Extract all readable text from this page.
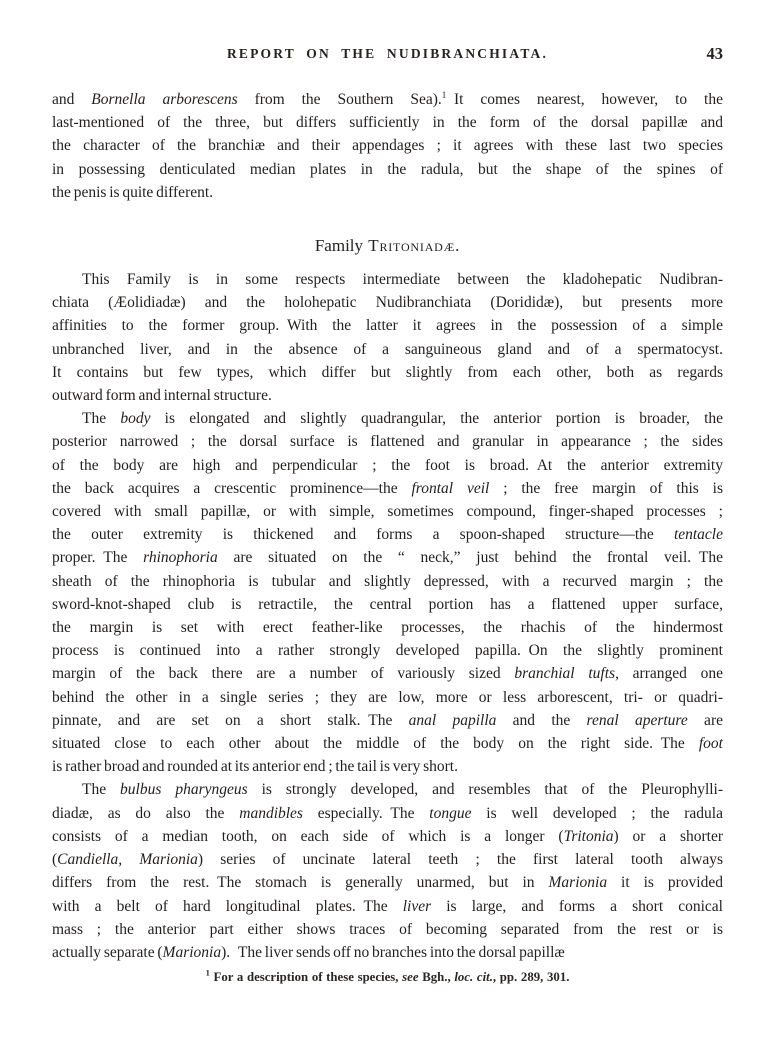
REPORT ON THE NUDIBRANCHIATA.	43
and Bornella arborescens from the Southern Sea).$^1$ It comes nearest, however, to the
last-mentioned of the three, but differs sufficiently in the form of the dorsal papillæ and
the character of the branchiæ and their appendages ; it agrees with these last two species
in possessing denticulated median plates in the radula, but the shape of the spines of
the penis is quite different.
Family Tritoniadæ.
This Family is in some respects intermediate between the kladohepatic Nudibran-
chiata (Æolidiadæ) and the holohepatic Nudibranchiata (Dorididæ), but presents more
affinities to the former group. With the latter it agrees in the possession of a simple
unbranched liver, and in the absence of a sanguineous gland and of a spermatocyst.
It contains but few types, which differ but slightly from each other, both as regards
outward form and internal structure.
The body is elongated and slightly quadrangular, the anterior portion is broader, the
posterior narrowed ; the dorsal surface is flattened and granular in appearance ; the sides
of the body are high and perpendicular ; the foot is broad. At the anterior extremity
the back acquires a crescentic prominence—the frontal veil ; the free margin of this is
covered with small papillæ, or with simple, sometimes compound, finger-shaped processes ;
the outer extremity is thickened and forms a spoon-shaped structure—the tentacle
proper. The rhinophoria are situated on the “ neck,” just behind the frontal veil. The
sheath of the rhinophoria is tubular and slightly depressed, with a recurved margin ; the
sword-knot-shaped club is retractile, the central portion has a flattened upper surface,
the margin is set with erect feather-like processes, the rhachis of the hindermost
process is continued into a rather strongly developed papilla. On the slightly prominent
margin of the back there are a number of variously sized branchial tufts, arranged one
behind the other in a single series ; they are low, more or less arborescent, tri- or quadri-
pinnate, and are set on a short stalk. The anal papilla and the renal aperture are
situated close to each other about the middle of the body on the right side. The foot
is rather broad and rounded at its anterior end ; the tail is very short.
The bulbus pharyngeus is strongly developed, and resembles that of the Pleurophylli-
diadæ, as do also the mandibles especially. The tongue is well developed ; the radula
consists of a median tooth, on each side of which is a longer (Tritonia) or a shorter
(Candiella, Marionia) series of uncinate lateral teeth ; the first lateral tooth always
differs from the rest. The stomach is generally unarmed, but in Marionia it is provided
with a belt of hard longitudinal plates. The liver is large, and forms a short conical
mass ; the anterior part either shows traces of becoming separated from the rest or is
actually separate (Marionia). The liver sends off no branches into the dorsal papillæ
$^1$ For a description of these species, see Bgh., loc. cit., pp. 289, 301.
